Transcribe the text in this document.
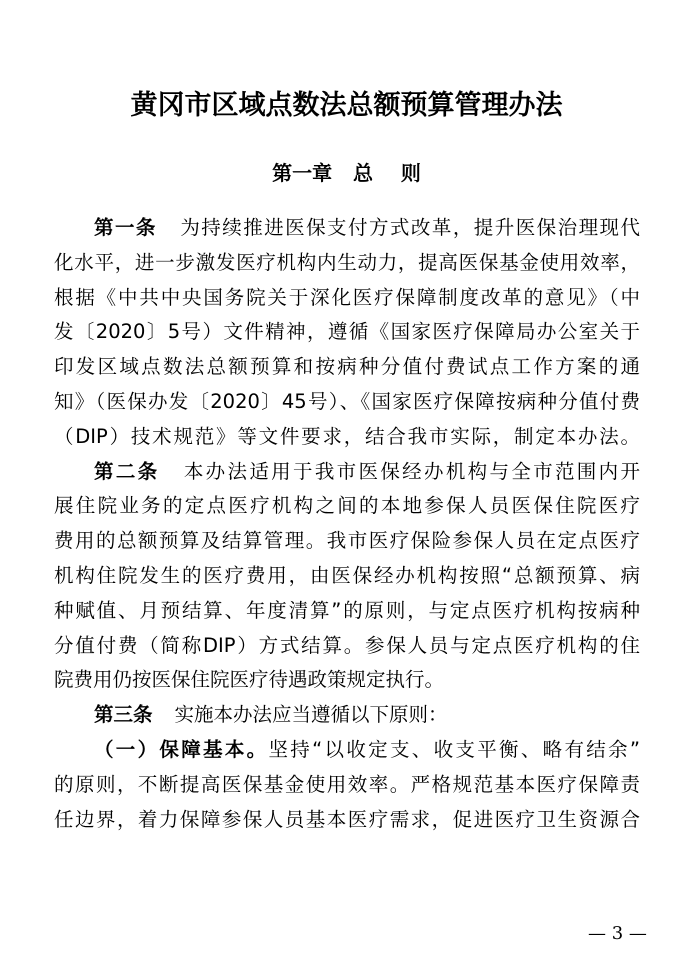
黄冈市区域点数法总额预算管理办法
第一章   总    则
第一条 为持续推进医保支付方式改革，提升医保治理现代
化水平，进一步激发医疗机构内生动力，提高医保基金使用效率，
根据《中共中央国务院关于深化医疗保障制度改革的意见》（中
发〔2020〕5号）文件精神，遵循《国家医疗保障局办公室关于
印发区域点数法总额预算和按病种分值付费试点工作方案的通
知》（医保办发〔2020〕45号）、《国家医疗保障按病种分值付费
（DIP）技术规范》等文件要求，结合我市实际，制定本办法。
第二条 本办法适用于我市医保经办机构与全市范围内开
展住院业务的定点医疗机构之间的本地参保人员医保住院医疗
费用的总额预算及结算管理。我市医疗保险参保人员在定点医疗
机构住院发生的医疗费用，由医保经办机构按照“总额预算、病
种赋值、月预结算、年度清算”的原则，与定点医疗机构按病种
分值付费（简称DIP）方式结算。参保人员与定点医疗机构的住
院费用仍按医保住院医疗待遇政策规定执行。
第三条 实施本办法应当遵循以下原则：
（一）保障基本。坚持“以收定支、收支平衡、略有结余”
的原则，不断提高医保基金使用效率。严格规范基本医疗保障责
任边界，着力保障参保人员基本医疗需求，促进医疗卫生资源合
— 3 —
